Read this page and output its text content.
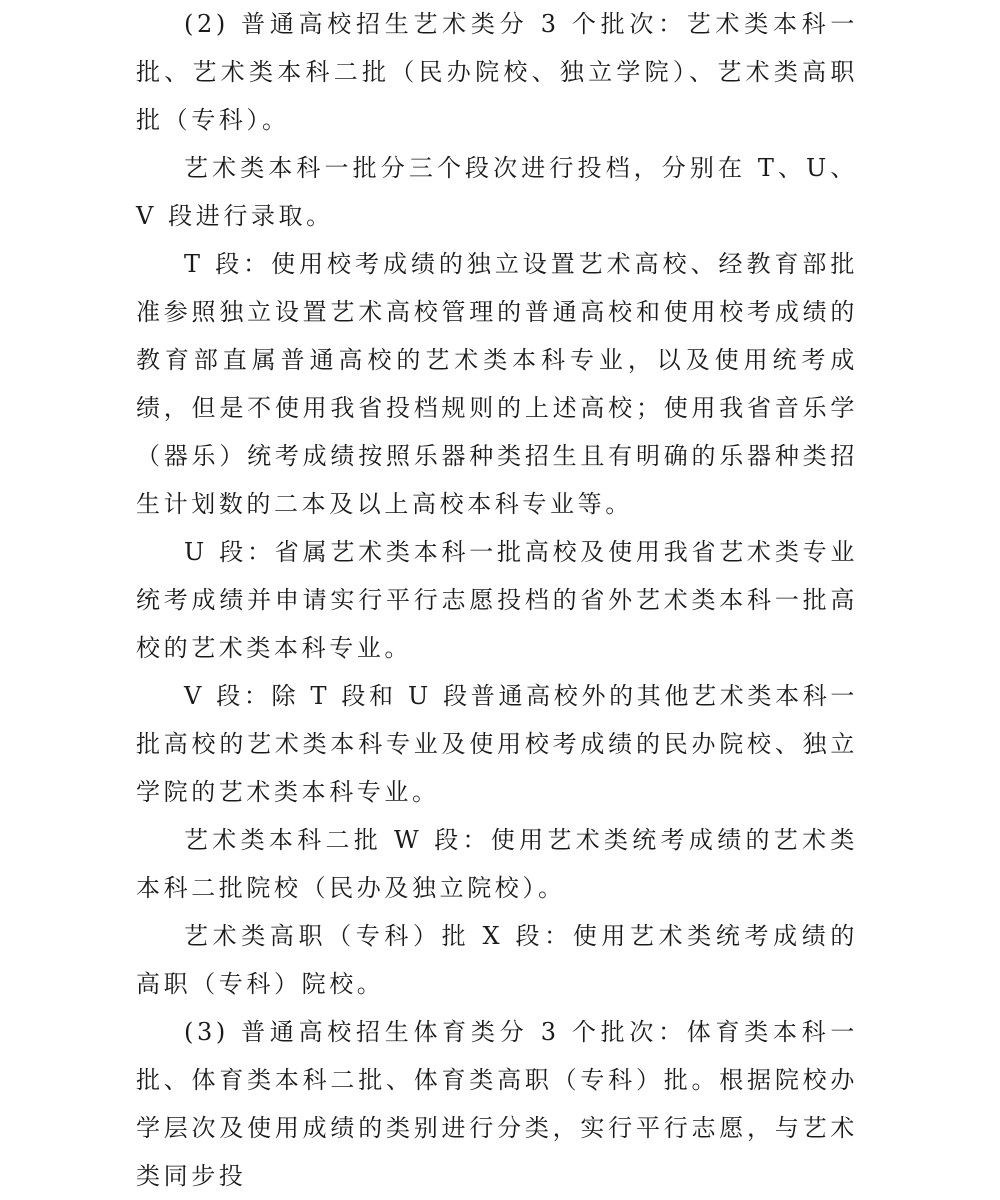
(2) 普通高校招生艺术类分 3 个批次：艺术类本科一批、艺术类本科二批（民办院校、独立学院）、艺术类高职批（专科）。

艺术类本科一批分三个段次进行投档，分别在 T、U、V 段进行录取。

T 段：使用校考成绩的独立设置艺术高校、经教育部批准参照独立设置艺术高校管理的普通高校和使用校考成绩的教育部直属普通高校的艺术类本科专业，以及使用统考成绩，但是不使用我省投档规则的上述高校；使用我省音乐学（器乐）统考成绩按照乐器种类招生且有明确的乐器种类招生计划数的二本及以上高校本科专业等。

U 段：省属艺术类本科一批高校及使用我省艺术类专业统考成绩并申请实行平行志愿投档的省外艺术类本科一批高校的艺术类本科专业。

V 段：除 T 段和 U 段普通高校外的其他艺术类本科一批高校的艺术类本科专业及使用校考成绩的民办院校、独立学院的艺术类本科专业。

艺术类本科二批 W 段：使用艺术类统考成绩的艺术类本科二批院校（民办及独立院校）。

艺术类高职（专科）批 X 段：使用艺术类统考成绩的高职（专科）院校。

(3) 普通高校招生体育类分 3 个批次：体育类本科一批、体育类本科二批、体育类高职（专科）批。根据院校办学层次及使用成绩的类别进行分类，实行平行志愿，与艺术类同步投
